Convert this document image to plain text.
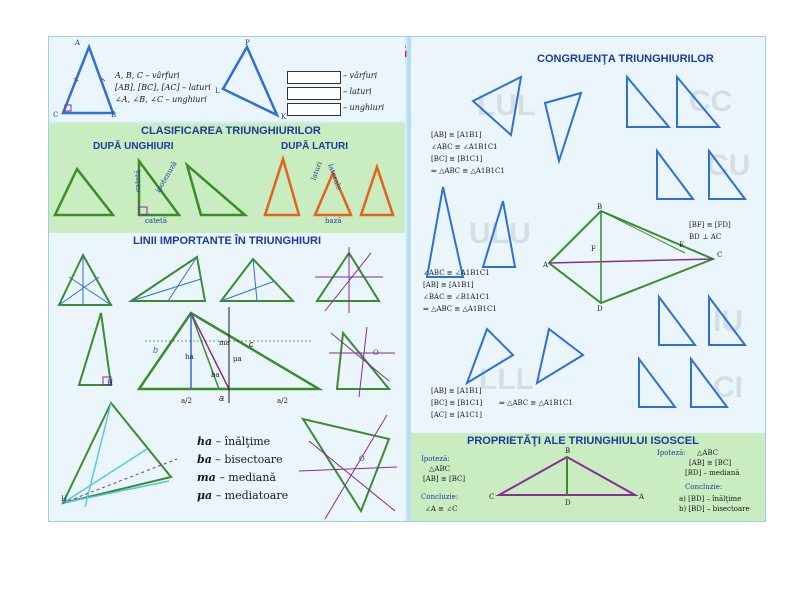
A
B
C
A, B, C – vârfuri
[AB], [BC], [AC] – laturi
∠A, ∠B, ∠C – unghiuri
P
L
K
– vârfuri
– laturi
– unghiuri
CLASIFICAREA TRIUNGHIURILOR
DUPĂ UNGHIURI	DUPĂ LATURI
catetă
catetă
ipotenuză	laturi laterale
bază
LINII IMPORTANTE ÎN TRIUNGHIURI
H
b
c
a
ma
ha
ba
μa
a/2	a/2
O
H
ha – înălţime
ba – bisectoare
ma – mediană
μa – mediatoare
O
CONGRUENŢA TRIUNGHIURILOR
LUL	CC
ULU
CU
LLL
IU
CI
[AB] ≡ [A1B1]
∠ABC ≡ ∠A1B1C1
[BC] ≡ [B1C1]
⇒ △ABC ≡ △A1B1C1
∠ABC ≡ ∠A1B1C1
[AB] ≡ [A1B1]
∠BAC ≡ ∠B1A1C1
⇒ △ABC ≡ △A1B1C1
A
B
C
D
E
F
[BF] ≡ [FD]
BD ⊥ AC
[AB] ≡ [A1B1]
[BC] ≡ [B1C1]
[AC] ≡ [A1C1]
⇒ △ABC ≡ △A1B1C1
PROPRIETĂŢI ALE TRIUNGHIULUI ISOSCEL
Ipoteză:
△ABC
[AB] ≡ [BC]
Concluzie:
∠A ≡ ∠C
C
B
A
D
Ipoteză: △ABC
[AB] ≡ [BC]
[BD] – mediană
Concluzie:
a) [BD] – înălţime
b) [BD] – bisectoare
